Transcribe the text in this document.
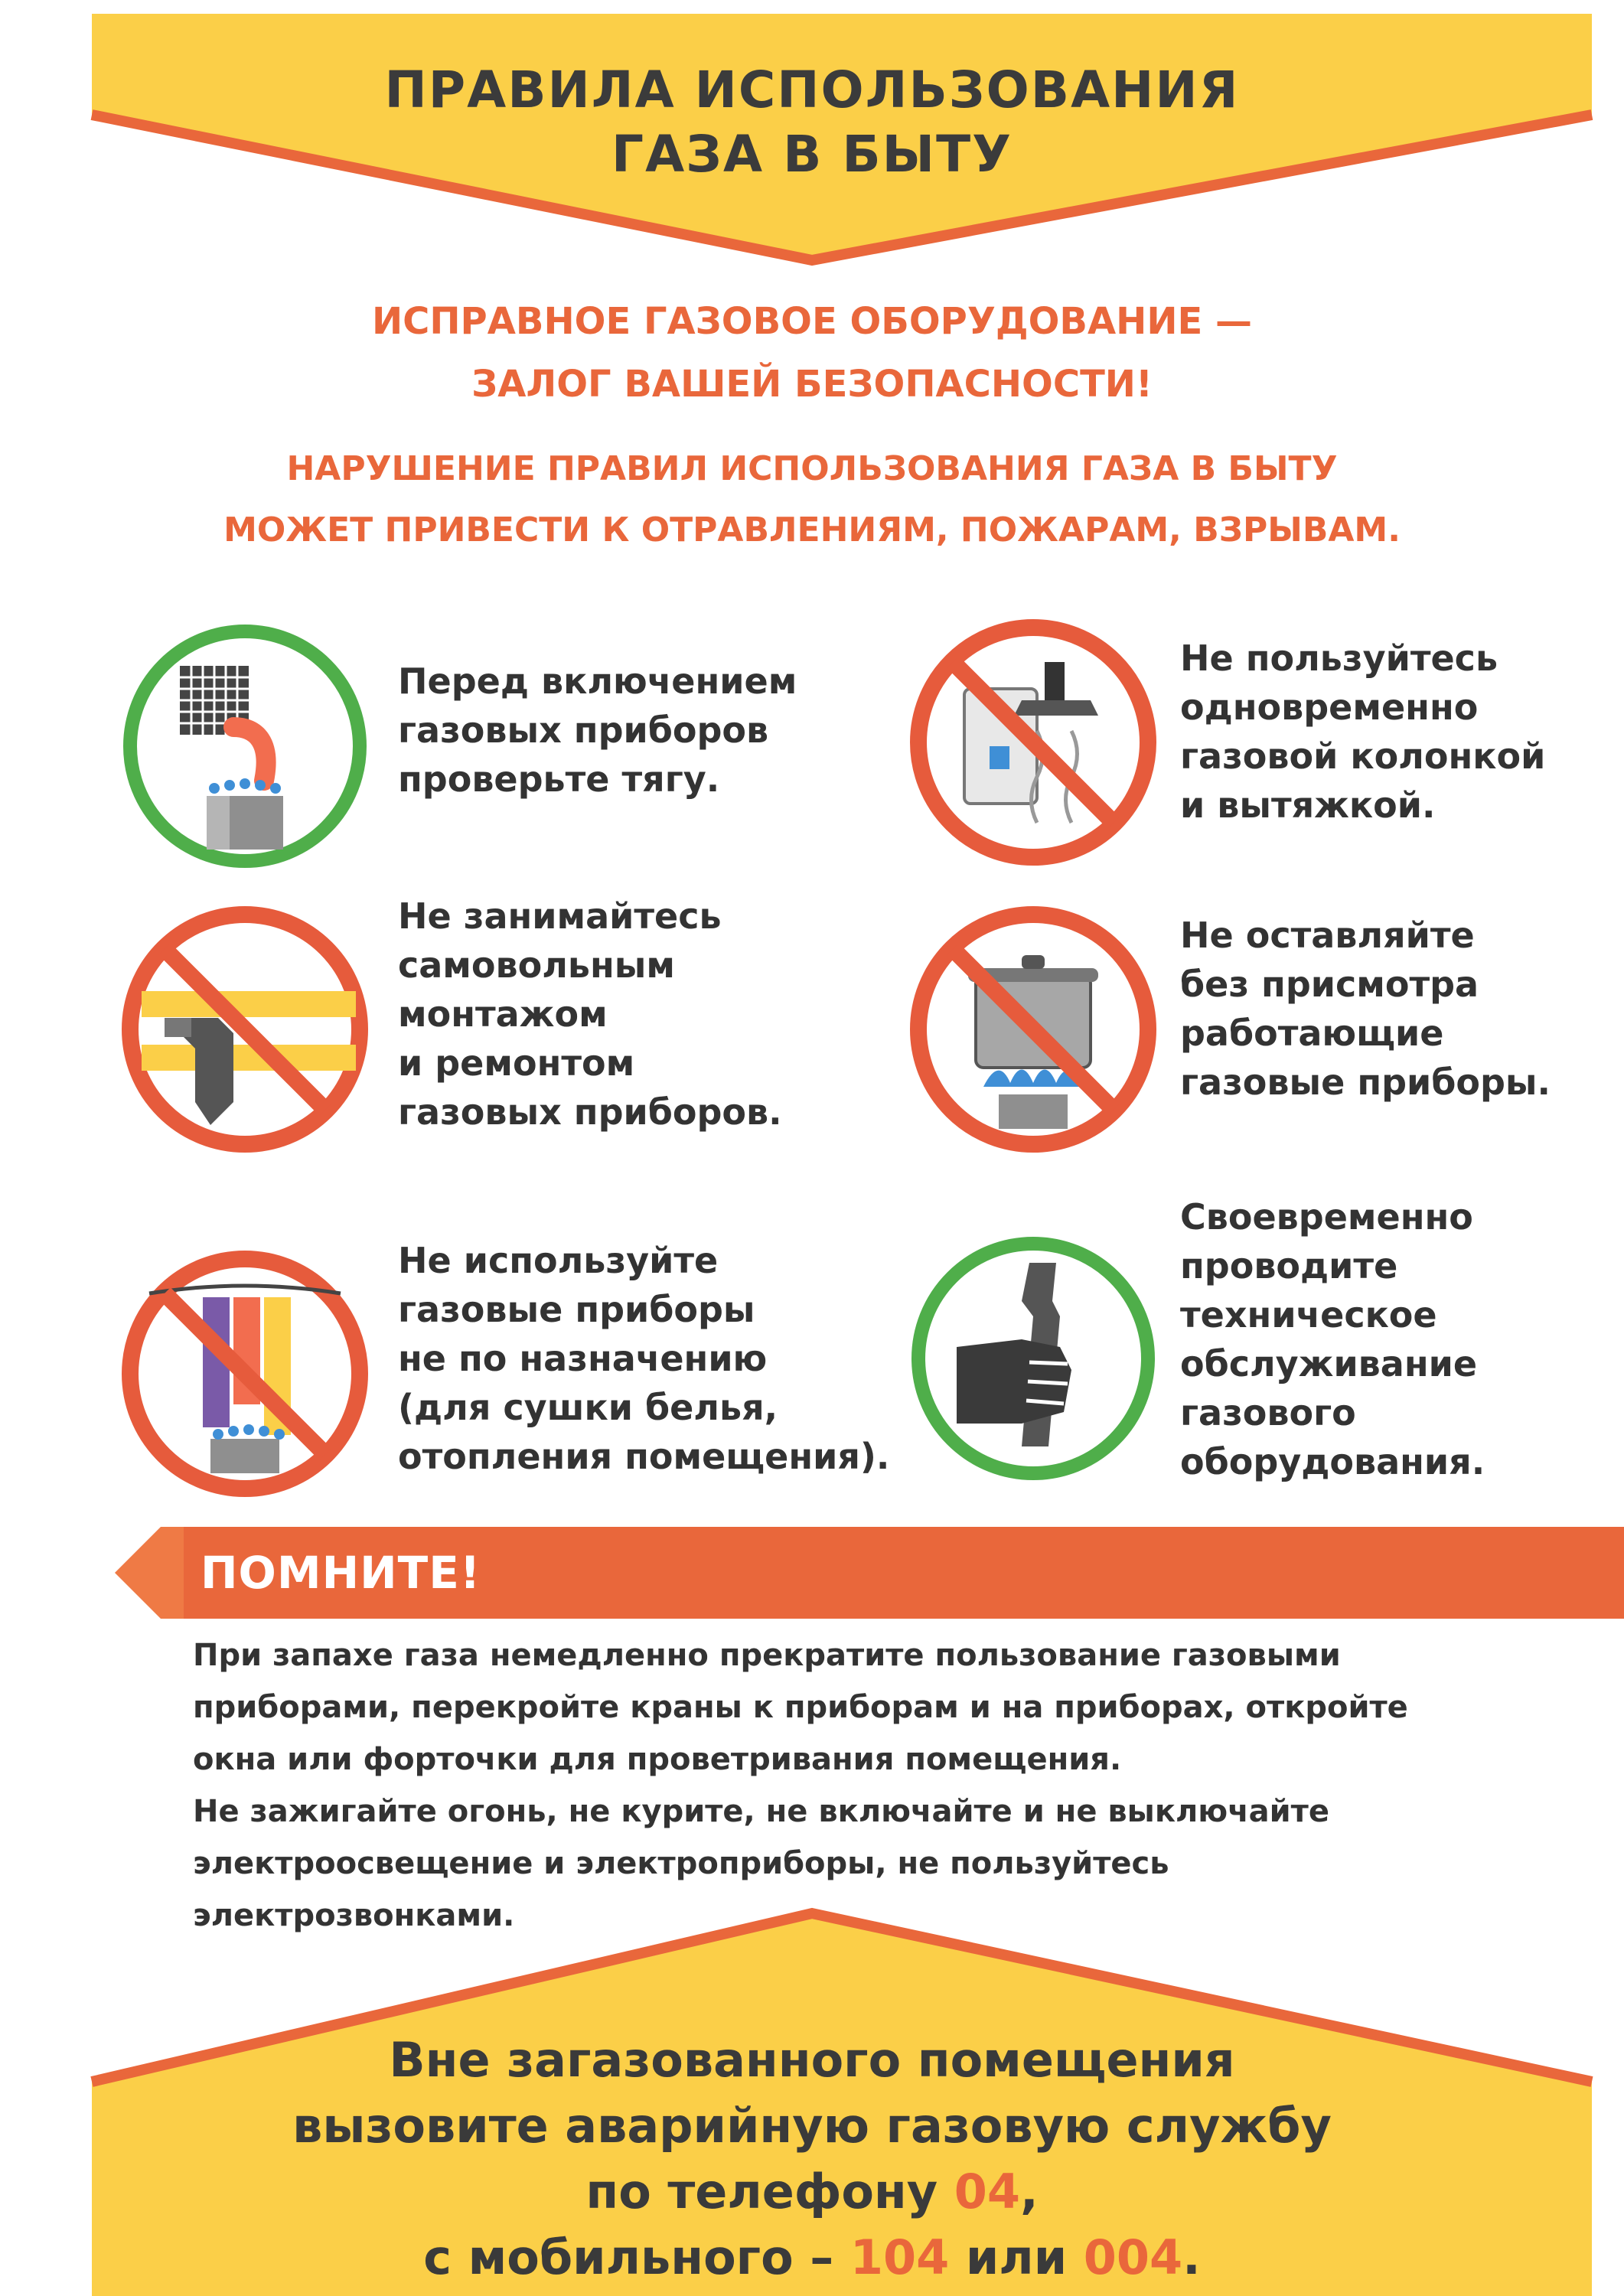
ПРАВИЛА ИСПОЛЬЗОВАНИЯ
ГАЗА В БЫТУ
ИСПРАВНОЕ ГАЗОВОЕ ОБОРУДОВАНИЕ —
ЗАЛОГ ВАШЕЙ БЕЗОПАСНОСТИ!
НАРУШЕНИЕ ПРАВИЛ ИСПОЛЬЗОВАНИЯ ГАЗА В БЫТУ
МОЖЕТ ПРИВЕСТИ К ОТРАВЛЕНИЯМ, ПОЖАРАМ, ВЗРЫВАМ.
Перед включением
газовых приборов
проверьте тягу.
Не пользуйтесь
одновременно
газовой колонкой
и вытяжкой.
Не занимайтесь
самовольным
монтажом
и ремонтом
газовых приборов.
Не оставляйте
без присмотра
работающие
газовые приборы.
Не используйте
газовые приборы
не по назначению
(для сушки белья,
отопления помещения).
Своевременно
проводите
техническое
обслуживание
газового
оборудования.
ПОМНИТЕ!
При запахе газа немедленно прекратите пользование газовыми
приборами, перекройте краны к приборам и на приборах, откройте
окна или форточки для проветривания помещения.
Не зажигайте огонь, не курите, не включайте и не выключайте
электроосвещение и электроприборы, не пользуйтесь
электрозвонками.
Вне загазованного помещения
вызовите аварийную газовую службу
по телефону 04,
с мобильного – 104 или 004.
